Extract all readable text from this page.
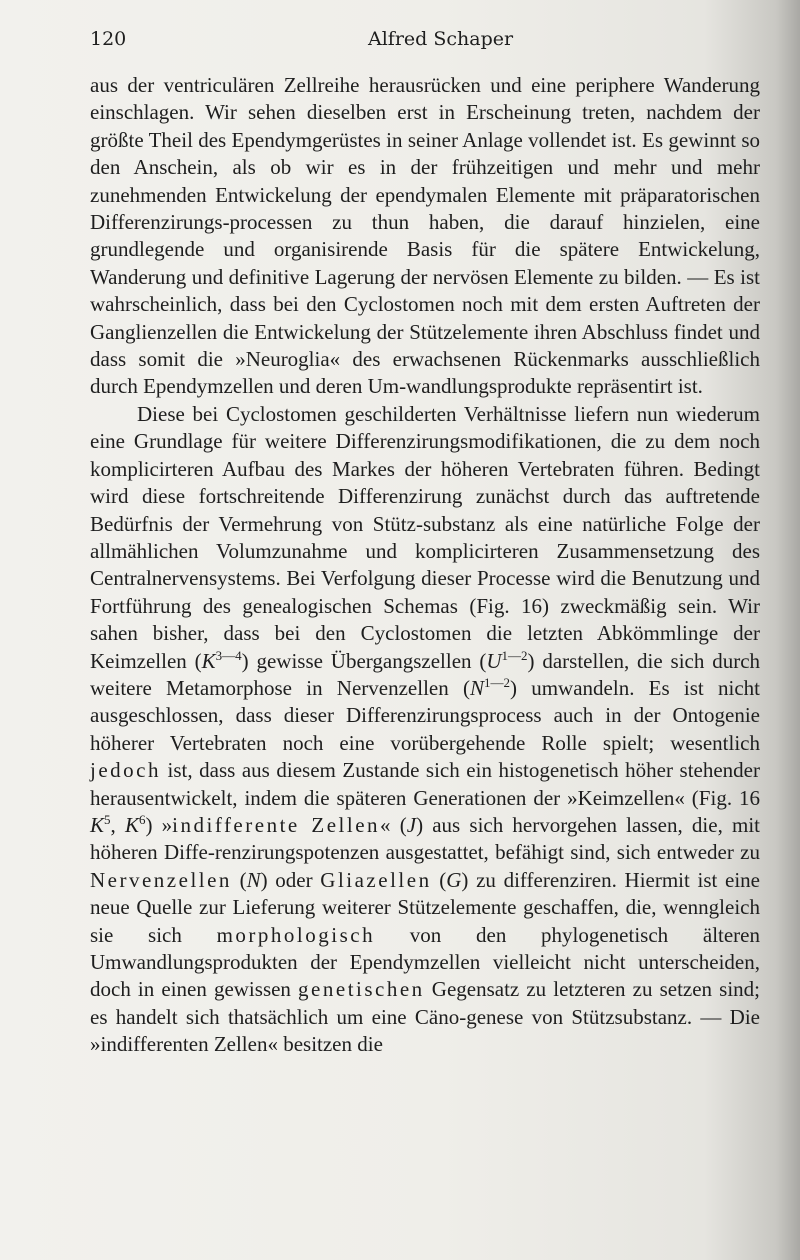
120	Alfred Schaper

aus der ventriculären Zellreihe herausrücken und eine periphere Wanderung einschlagen. Wir sehen dieselben erst in Erscheinung treten, nachdem der größte Theil des Ependymgerüstes in seiner Anlage vollendet ist. Es gewinnt so den Anschein, als ob wir es in der frühzeitigen und mehr und mehr zunehmenden Entwickelung der ependymalen Elemente mit präparatorischen Differenzirungs-processen zu thun haben, die darauf hinzielen, eine grundlegende und organisirende Basis für die spätere Entwickelung, Wanderung und definitive Lagerung der nervösen Elemente zu bilden. — Es ist wahrscheinlich, dass bei den Cyclostomen noch mit dem ersten Auftreten der Ganglienzellen die Entwickelung der Stützelemente ihren Abschluss findet und dass somit die »Neuroglia« des erwachsenen Rückenmarks ausschließlich durch Ependymzellen und deren Um-wandlungsprodukte repräsentirt ist.

Diese bei Cyclostomen geschilderten Verhältnisse liefern nun wiederum eine Grundlage für weitere Differenzirungsmodifikationen, die zu dem noch komplicirteren Aufbau des Markes der höheren Vertebraten führen. Bedingt wird diese fortschreitende Differenzirung zunächst durch das auftretende Bedürfnis der Vermehrung von Stütz-substanz als eine natürliche Folge der allmählichen Volumzunahme und komplicirteren Zusammensetzung des Centralnervensystems. Bei Verfolgung dieser Processe wird die Benutzung und Fortführung des genealogischen Schemas (Fig. 16) zweckmäßig sein. Wir sahen bisher, dass bei den Cyclostomen die letzten Abkömmlinge der Keimzellen $(K^{3—4})$ gewisse Übergangszellen $(U^{1—2})$ darstellen, die sich durch weitere Metamorphose in Nervenzellen $(N^{1—2})$ umwandeln. Es ist nicht ausgeschlossen, dass dieser Differenzirungsprocess auch in der Ontogenie höherer Vertebraten noch eine vorübergehende Rolle spielt; wesentlich jedoch ist, dass aus diesem Zustande sich ein histogenetisch höher stehender herausentwickelt, indem die späteren Generationen der »Keimzellen« (Fig. 16 $K^5$, $K^6$) »indifferente Zellen« (J) aus sich hervorgehen lassen, die, mit höheren Diffe-renzirungspotenzen ausgestattet, befähigt sind, sich entweder zu Nervenzellen (N) oder Gliazellen (G) zu differenziren. Hiermit ist eine neue Quelle zur Lieferung weiterer Stützelemente geschaffen, die, wenngleich sie sich morphologisch von den phylogenetisch älteren Umwandlungsprodukten der Ependymzellen vielleicht nicht unterscheiden, doch in einen gewissen genetischen Gegensatz zu letzteren zu setzen sind; es handelt sich thatsächlich um eine Cäno-genese von Stützsubstanz. — Die »indifferenten Zellen« besitzen die
